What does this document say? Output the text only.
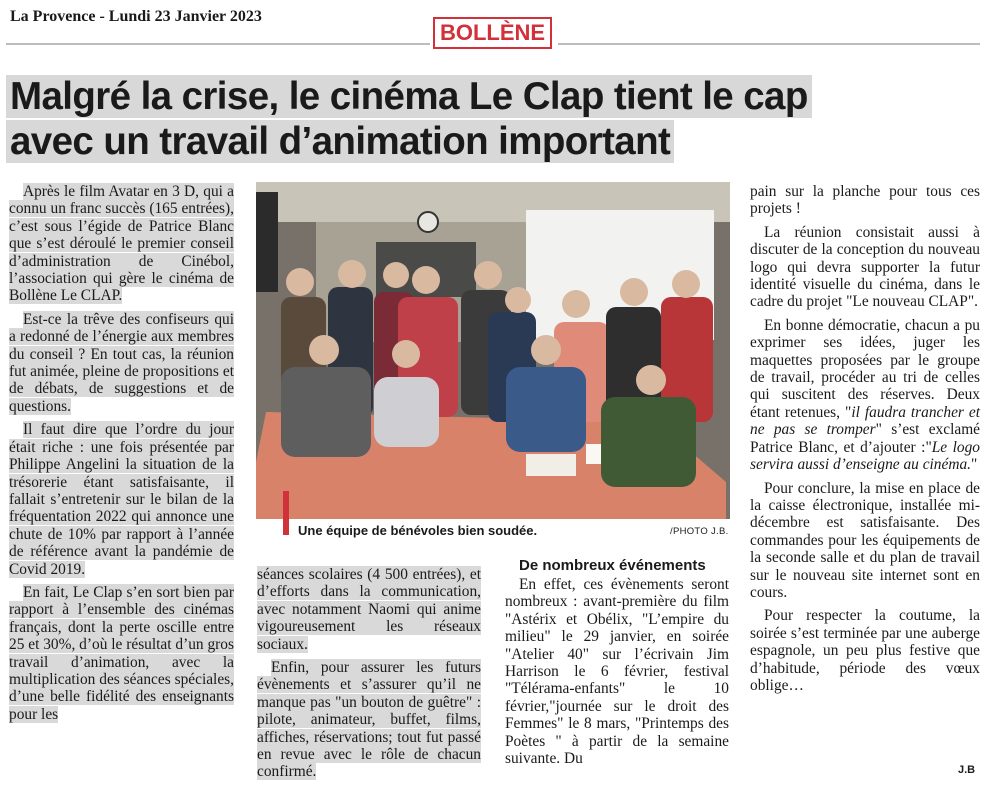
La Provence - Lundi 23 Janvier 2023
BOLLÈNE
Malgré la crise, le cinéma Le Clap tient le cap
avec un travail d’animation important

Après le film Avatar en 3 D, qui a connu un franc succès (165 entrées), c’est sous l’égide de Patrice Blanc que s’est déroulé le premier conseil d’administration de Cinébol, l’association qui gère le cinéma de Bollène Le CLAP.

Est-ce la trêve des confiseurs qui a redonné de l’énergie aux membres du conseil ? En tout cas, la réunion fut animée, pleine de propositions et de débats, de suggestions et de questions.

Il faut dire que l’ordre du jour était riche : une fois présentée par Philippe Angelini la situation de la trésorerie étant satisfaisante, il fallait s’entretenir sur le bilan de la fréquentation 2022 qui annonce une chute de 10% par rapport à l’année de référence avant la pandémie de Covid 2019.

En fait, Le Clap s’en sort bien par rapport à l’ensemble des cinémas français, dont la perte oscille entre 25 et 30%, d’où le résultat d’un gros travail d’animation, avec la multiplication des séances spéciales, d’une belle fidélité des enseignants pour les

Une équipe de bénévoles bien soudée.	/PHOTO J.B.

séances scolaires (4 500 entrées), et d’efforts dans la communication, avec notamment Naomi qui anime vigoureusement les réseaux sociaux.

Enfin, pour assurer les futurs évènements et s’assurer qu’il ne manque pas "un bouton de guêtre" : pilote, animateur, buffet, films, affiches, réservations; tout fut passé en revue avec le rôle de chacun confirmé.

De nombreux événements

En effet, ces évènements seront nombreux : avant-première du film "Astérix et Obélix, "L’empire du milieu" le 29 janvier, en soirée "Atelier 40" sur l’écrivain Jim Harrison le 6 février, festival "Télérama-enfants" le 10 février,"journée sur le droit des Femmes" le 8 mars, "Printemps des Poètes " à partir de la semaine suivante. Du

pain sur la planche pour tous ces projets !

La réunion consistait aussi à discuter de la conception du nouveau logo qui devra supporter la futur identité visuelle du cinéma, dans le cadre du projet "Le nouveau CLAP".

En bonne démocratie, chacun a pu exprimer ses idées, juger les maquettes proposées par le groupe de travail, procéder au tri de celles qui suscitent des réserves. Deux étant retenues, "il faudra trancher et ne pas se tromper" s’est exclamé Patrice Blanc, et d’ajouter :"Le logo servira aussi d’enseigne au cinéma."

Pour conclure, la mise en place de la caisse électronique, installée mi-décembre est satisfaisante. Des commandes pour les équipements de la seconde salle et du plan de travail sur le nouveau site internet sont en cours.

Pour respecter la coutume, la soirée s’est terminée par une auberge espagnole, un peu plus festive que d’habitude, période des vœux oblige…

J.B
